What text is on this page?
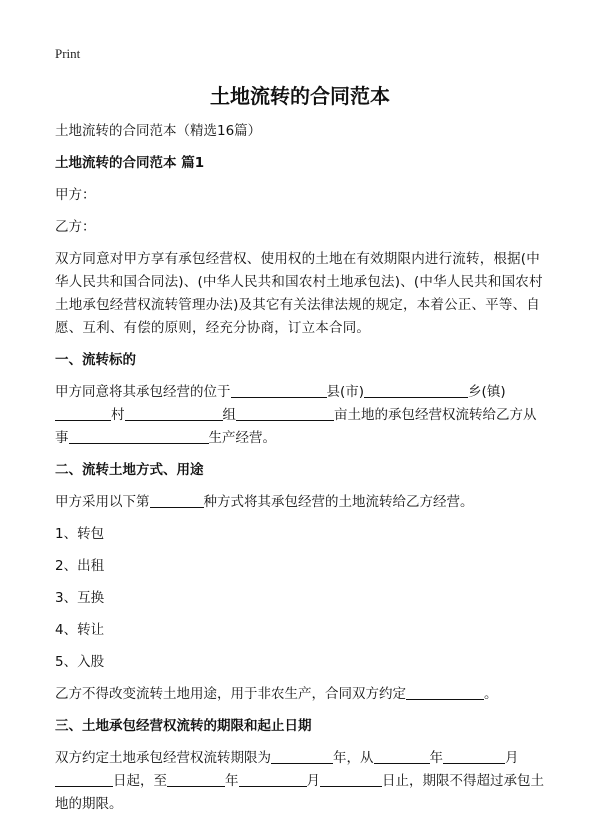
Print
土地流转的合同范本

土地流转的合同范本（精选16篇）

土地流转的合同范本 篇1

甲方：

乙方：

双方同意对甲方享有承包经营权、使用权的土地在有效期限内进行流转，根据(中华人民共和国合同法)、(中华人民共和国农村土地承包法)、(中华人民共和国农村土地承包经营权流转管理办法)及其它有关法律法规的规定，本着公正、平等、自愿、互利、有偿的原则，经充分协商，订立本合同。

一、流转标的

甲方同意将其承包经营的位于	县(市)	乡(镇)村	组	亩土地的承包经营权流转给乙方从事	生产经营。

二、流转土地方式、用途

甲方采用以下第	种方式将其承包经营的土地流转给乙方经营。

1、转包

2、出租

3、互换

4、转让

5、入股

乙方不得改变流转土地用途，用于非农生产，合同双方约定	。

三、土地承包经营权流转的期限和起止日期

双方约定土地承包经营权流转期限为	年，从	年	月日起，至	年	月	日止，期限不得超过承包土地的期限。
